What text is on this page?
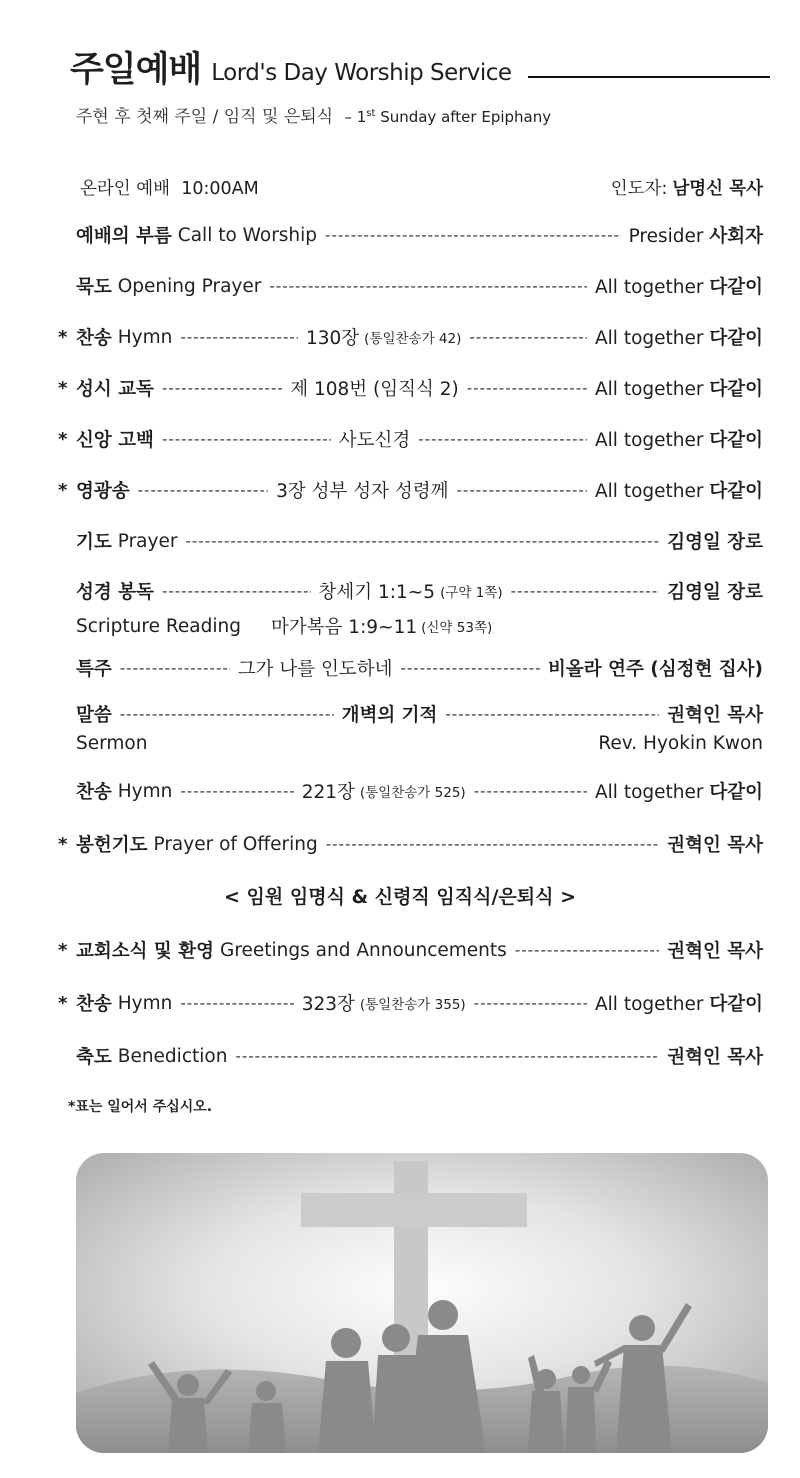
주일예배 Lord's Day Worship Service
주현 후 첫째 주일 / 임직 및 은퇴식 – 1st Sunday after Epiphany
온라인 예배  10:00AM	인도자: 남명신 목사
예배의 부름 Call to Worship -----	Presider 사회자
묵도 Opening Prayer -----	All together 다같이
* 찬송 Hymn -----	130장 (통일찬송가 42) -----	All together 다같이
* 성시 교독 -----	제 108번 (임직식 2) -----	All together 다같이
* 신앙 고백 -----	사도신경 -----	All together 다같이
* 영광송 -----	3장 성부 성자 성령께 -----	All together 다같이
기도 Prayer -----	김영일 장로
성경 봉독 -----	창세기 1:1~5 (구약 1쪽) -----	김영일 장로
Scripture Reading 마가복음 1:9~11 (신약 53쪽)
특주 -----	그가 나를 인도하네 -----	비올라 연주 (심정현 집사)
말씀 -----	개벽의 기적 -----	권혁인 목사
Sermon	Rev. Hyokin Kwon
찬송 Hymn -----	221장 (통일찬송가 525) -----	All together 다같이
* 봉헌기도 Prayer of Offering -----	권혁인 목사
< 임원 임명식 & 신령직 임직식/은퇴식 >
* 교회소식 및 환영 Greetings and Announcements -----	권혁인 목사
* 찬송 Hymn -----	323장 (통일찬송가 355) -----	All together 다같이
축도 Benediction -----	권혁인 목사
*표는 일어서 주십시오.
